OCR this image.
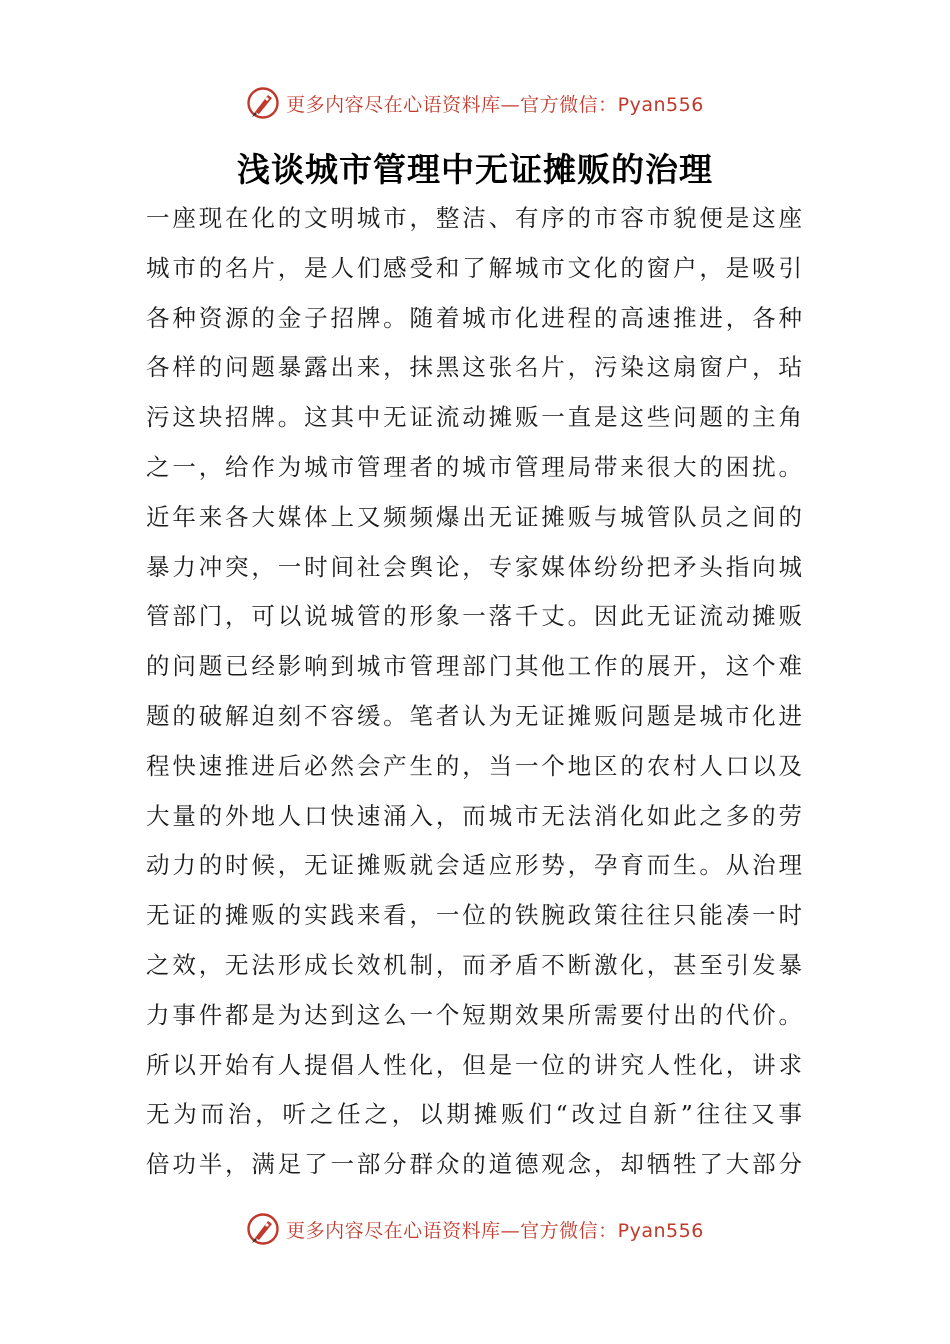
更多内容尽在心语资料库—官方微信：Pyan556
浅谈城市管理中无证摊贩的治理
一座现在化的文明城市，整洁、有序的市容市貌便是这座
城市的名片，是人们感受和了解城市文化的窗户，是吸引
各种资源的金子招牌。随着城市化进程的高速推进，各种
各样的问题暴露出来，抹黑这张名片，污染这扇窗户，玷
污这块招牌。这其中无证流动摊贩一直是这些问题的主角
之一，给作为城市管理者的城市管理局带来很大的困扰。
近年来各大媒体上又频频爆出无证摊贩与城管队员之间的
暴力冲突，一时间社会舆论，专家媒体纷纷把矛头指向城
管部门，可以说城管的形象一落千丈。因此无证流动摊贩
的问题已经影响到城市管理部门其他工作的展开，这个难
题的破解迫刻不容缓。笔者认为无证摊贩问题是城市化进
程快速推进后必然会产生的，当一个地区的农村人口以及
大量的外地人口快速涌入，而城市无法消化如此之多的劳
动力的时候，无证摊贩就会适应形势，孕育而生。从治理
无证的摊贩的实践来看，一位的铁腕政策往往只能凑一时
之效，无法形成长效机制，而矛盾不断激化，甚至引发暴
力事件都是为达到这么一个短期效果所需要付出的代价。
所以开始有人提倡人性化，但是一位的讲究人性化，讲求
无为而治，听之任之，以期摊贩们“改过自新”往往又事
倍功半，满足了一部分群众的道德观念，却牺牲了大部分
更多内容尽在心语资料库—官方微信：Pyan556
